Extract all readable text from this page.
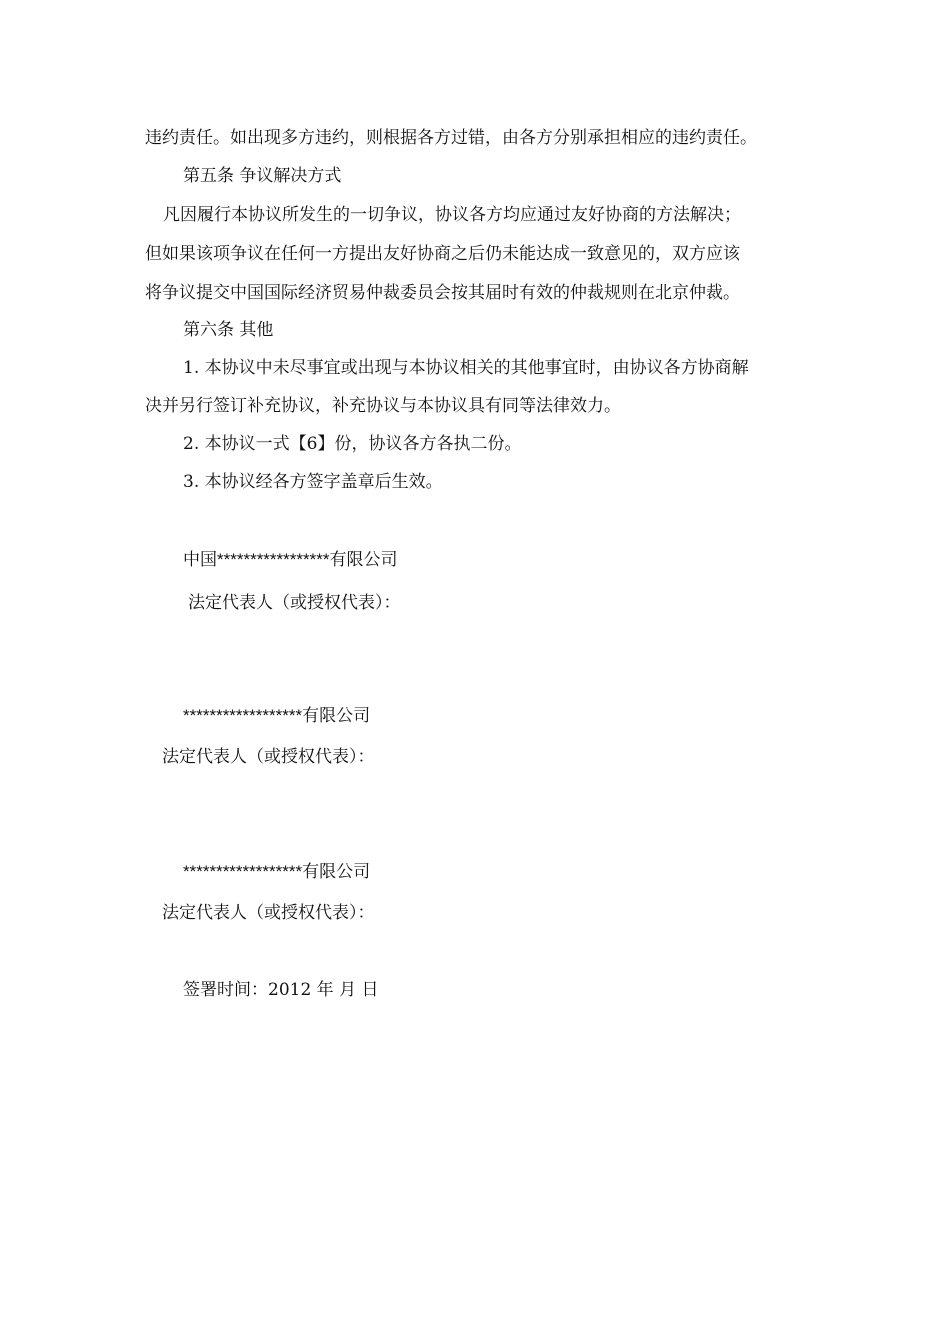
违约责任。如出现多方违约，则根据各方过错，由各方分别承担相应的违约责任。
第五条 争议解决方式
凡因履行本协议所发生的一切争议，协议各方均应通过友好协商的方法解决；
但如果该项争议在任何一方提出友好协商之后仍未能达成一致意见的，双方应该
将争议提交中国国际经济贸易仲裁委员会按其届时有效的仲裁规则在北京仲裁。
第六条 其他
1. 本协议中未尽事宜或出现与本协议相关的其他事宜时，由协议各方协商解
决并另行签订补充协议，补充协议与本协议具有同等法律效力。
2. 本协议一式【6】份，协议各方各执二份。
3. 本协议经各方签字盖章后生效。
中国*****************有限公司
法定代表人（或授权代表）：
******************有限公司
法定代表人（或授权代表）：
******************有限公司
法定代表人（或授权代表）：
签署时间：2012 年 月 日
